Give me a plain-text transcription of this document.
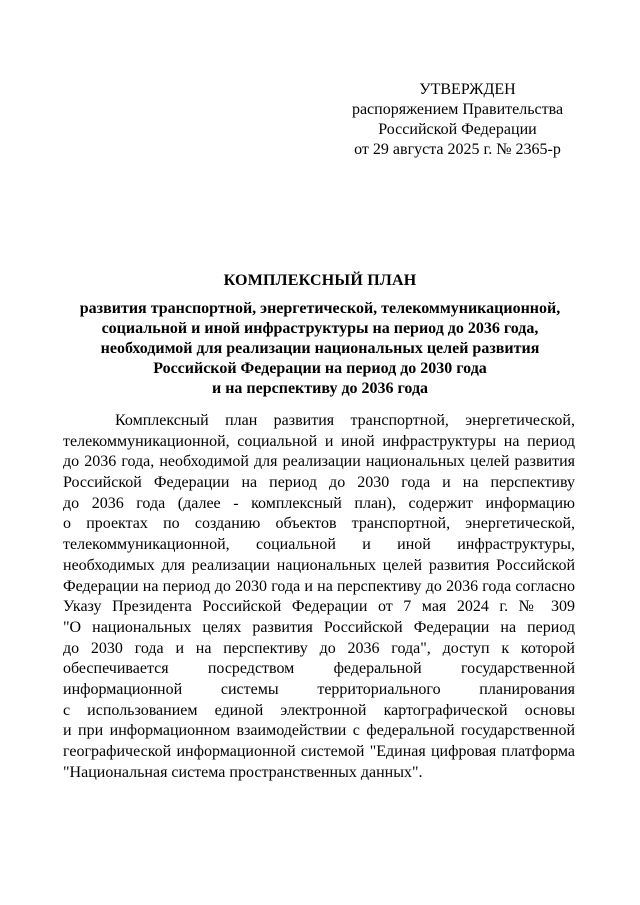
УТВЕРЖДЕН
распоряжением Правительства
Российской Федерации
от 29 августа 2025 г. № 2365-р
КОМПЛЕКСНЫЙ ПЛАН
развития транспортной, энергетической, телекоммуникационной,
социальной и иной инфраструктуры на период до 2036 года,
необходимой для реализации национальных целей развития
Российской Федерации на период до 2030 года
и на перспективу до 2036 года
Комплексный план развития транспортной, энергетической,
телекоммуникационной, социальной и иной инфраструктуры на период
до 2036 года, необходимой для реализации национальных целей развития
Российской Федерации на период до 2030 года и на перспективу
до 2036 года (далее - комплексный план), содержит информацию
о проектах по созданию объектов транспортной, энергетической,
телекоммуникационной, социальной и иной инфраструктуры,
необходимых для реализации национальных целей развития Российской
Федерации на период до 2030 года и на перспективу до 2036 года согласно
Указу Президента Российской Федерации от 7 мая 2024 г. № 309
"О национальных целях развития Российской Федерации на период
до 2030 года и на перспективу до 2036 года", доступ к которой
обеспечивается посредством федеральной государственной
информационной системы территориального планирования
с использованием единой электронной картографической основы
и при информационном взаимодействии с федеральной государственной
географической информационной системой "Единая цифровая платформа
"Национальная система пространственных данных".
